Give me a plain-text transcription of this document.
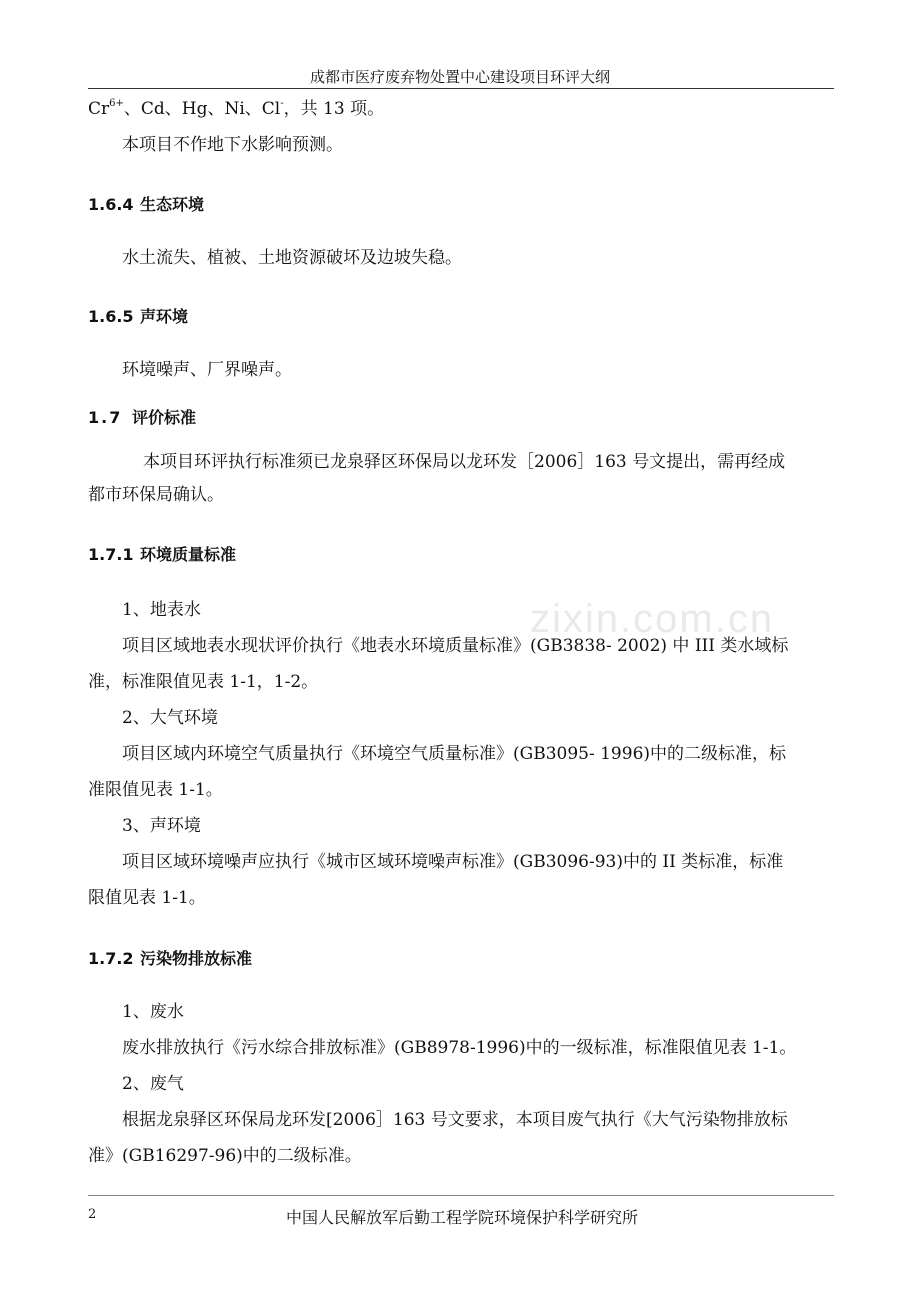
成都市医疗废弃物处置中心建设项目环评大纲
zixin.com.cn
$Cr^{6+}$、Cd、Hg、Ni、Cl-，共 13 项。
本项目不作地下水影响预测。
1.6.4 生态环境
水土流失、植被、土地资源破坏及边坡失稳。
1.6.5 声环境
环境噪声、厂界噪声。
1.7 评价标准
本项目环评执行标准须已龙泉驿区环保局以龙环发［2006］163 号文提出，需再经成
都市环保局确认。
1.7.1 环境质量标准
1、地表水
项目区域地表水现状评价执行《地表水环境质量标准》(GB3838- 2002) 中 III 类水域标
准，标准限值见表 1-1，1-2。
2、大气环境
项目区域内环境空气质量执行《环境空气质量标准》(GB3095- 1996)中的二级标准，标
准限值见表 1-1。
3、声环境
项目区域环境噪声应执行《城市区域环境噪声标准》(GB3096-93)中的 II 类标准，标准
限值见表 1-1。
1.7.2 污染物排放标准
1、废水
废水排放执行《污水综合排放标准》(GB8978-1996)中的一级标准，标准限值见表 1-1。
2、废气
根据龙泉驿区环保局龙环发[2006］163 号文要求，本项目废气执行《大气污染物排放标
准》(GB16297-96)中的二级标准。
2	中国人民解放军后勤工程学院环境保护科学研究所
